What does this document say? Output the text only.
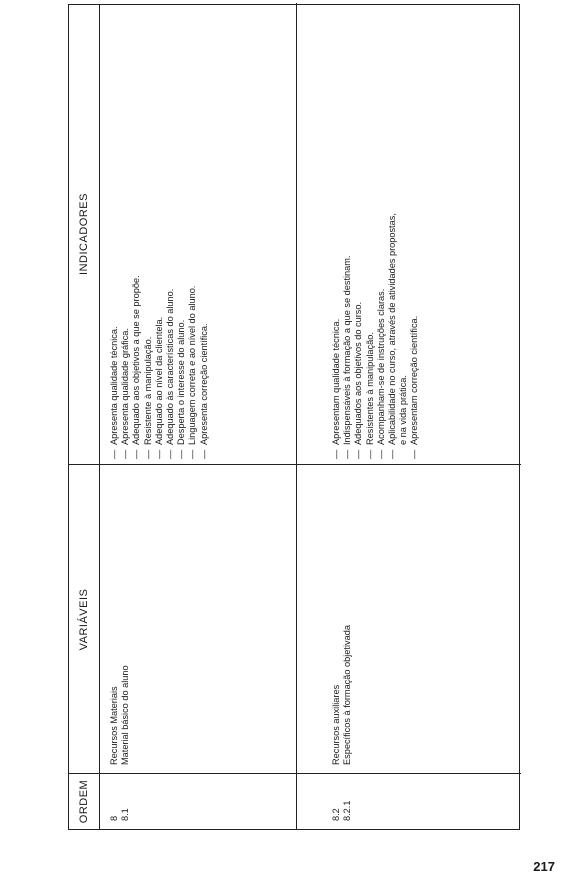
ORDEM
VARIÁVEIS
INDICADORES
8 8.1
Recursos Materiais Material básico do aluno
— Apresenta qualidade técnica. — Apresenta qualidade gráfica. — Adequado aos objetivos a que se propõe. — Resistente à manipulação. — Adequado ao nível da clientela. — Adequado às características do aluno. — Desperta o interesse do aluno. — Linguagem correta e ao nível do aluno. — Apresenta correção científica.
8.2 8.2.1
Recursos auxiliares Específicos à formação objetivada
— Apresentam qualidade técnica. — Indispensáveis à formação a que se destinam. — Adequados aos objetivos do curso. — Resistentes à manipulação. — Acompanham-se de instruções claras. — Aplicabilidade no curso, através de atividades propostas, e na vida prática. — Apresentam correção científica.
217
